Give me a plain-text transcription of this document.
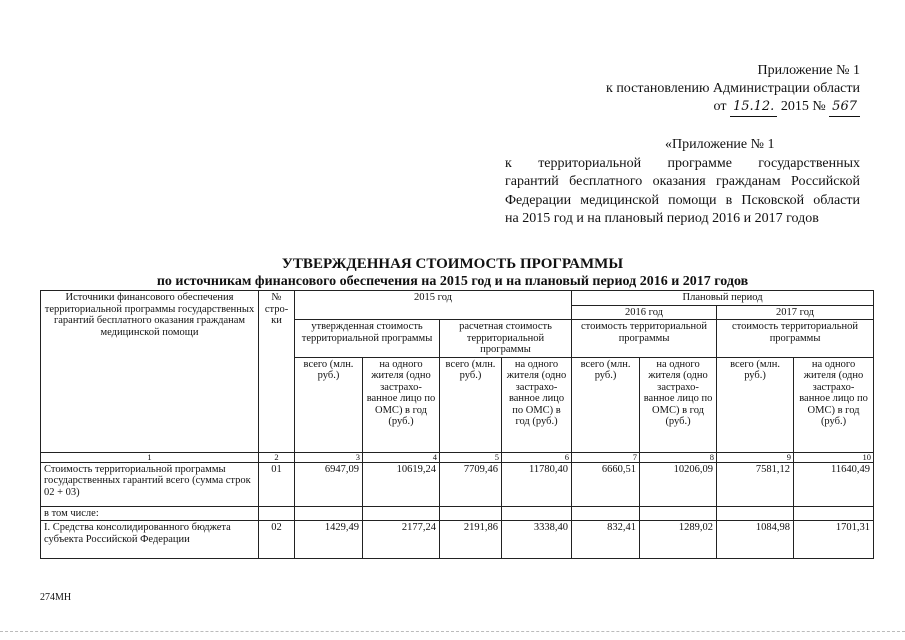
Приложение № 1
к постановлению Администрации области
от 15.12. 2015 № 567
«Приложение № 1
к территориальной программе государственных
гарантий бесплатного оказания гражданам Российской
Федерации медицинской помощи в Псковской области
на 2015 год и на плановый период 2016 и 2017 годов
УТВЕРЖДЕННАЯ СТОИМОСТЬ ПРОГРАММЫ
по источникам финансового обеспечения на 2015 год и на плановый период 2016 и 2017 годов
Источники финансового обеспечения территориальной программы государственных гарантий бесплатного оказания гражданам медицинской помощи	№ стро- ки	2015 год				Плановый период			
						2016 год		2017 год	
		утвержденная стоимость территориальной программы		расчетная стоимость территориальной программы		стоимость территориальной программы		стоимость территориальной программы	
		всего (млн. руб.)	на одного жителя (одно застрахо- ванное лицо по ОМС) в год (руб.)	всего (млн. руб.)	на одного жителя (одно застрахо- ванное лицо по ОМС) в год (руб.)	всего (млн. руб.)	на одного жителя (одно застрахо- ванное лицо по ОМС) в год (руб.)	всего (млн. руб.)	на одного жителя (одно застрахо- ванное лицо по ОМС) в год (руб.)
1	2	3	4	5	6	7	8	9	10
Стоимость территориальной программы государственных гарантий всего (сумма строк 02 + 03)	01	6947,09	10619,24	7709,46	11780,40	6660,51	10206,09	7581,12	11640,49
в том числе:									
I. Средства консолидированного бюджета субъекта Российской Федерации	02	1429,49	2177,24	2191,86	3338,40	832,41	1289,02	1084,98	1701,31
274МН
